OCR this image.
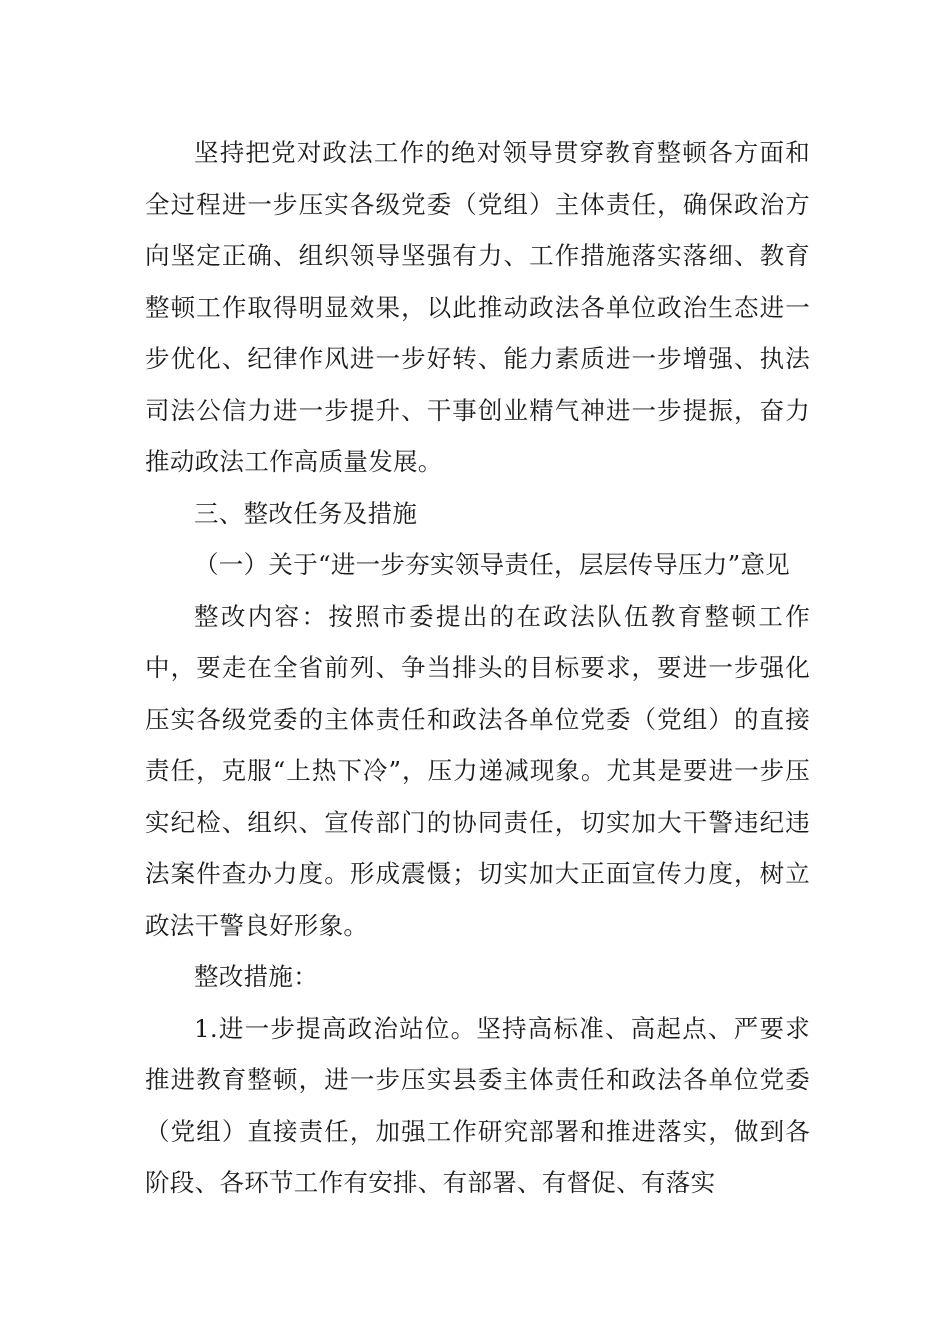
坚持把党对政法工作的绝对领导贯穿教育整顿各方面和全过程进一步压实各级党委（党组）主体责任，确保政治方向坚定正确、组织领导坚强有力、工作措施落实落细、教育整顿工作取得明显效果，以此推动政法各单位政治生态进一步优化、纪律作风进一步好转、能力素质进一步增强、执法司法公信力进一步提升、干事创业精气神进一步提振，奋力推动政法工作高质量发展。

三、整改任务及措施

（一）关于“进一步夯实领导责任，层层传导压力”意见

整改内容：按照市委提出的在政法队伍教育整顿工作中，要走在全省前列、争当排头的目标要求，要进一步强化压实各级党委的主体责任和政法各单位党委（党组）的直接责任，克服“上热下冷”，压力递减现象。尤其是要进一步压实纪检、组织、宣传部门的协同责任，切实加大干警违纪违法案件查办力度。形成震慑；切实加大正面宣传力度，树立政法干警良好形象。

整改措施：

1.进一步提高政治站位。坚持高标准、高起点、严要求推进教育整顿，进一步压实县委主体责任和政法各单位党委（党组）直接责任，加强工作研究部署和推进落实，做到各阶段、各环节工作有安排、有部署、有督促、有落实
